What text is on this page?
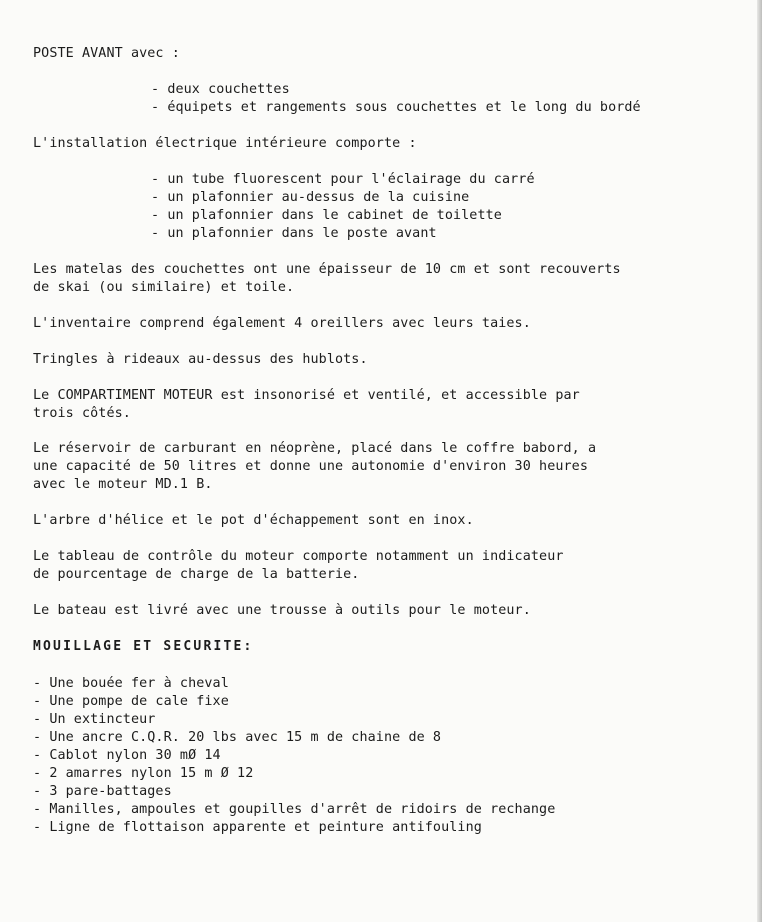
POSTE AVANT avec :
- deux couchettes
- équipets et rangements sous couchettes et le long du bordé
L'installation électrique intérieure comporte :
- un tube fluorescent pour l'éclairage du carré
- un plafonnier au-dessus de la cuisine
- un plafonnier dans le cabinet de toilette
- un plafonnier dans le poste avant
Les matelas des couchettes ont une épaisseur de 10 cm et sont recouverts
de skai (ou similaire) et toile.
L'inventaire comprend également 4 oreillers avec leurs taies.
Tringles à rideaux au-dessus des hublots.
Le COMPARTIMENT MOTEUR est insonorisé et ventilé, et accessible par
trois côtés.
Le réservoir de carburant en néoprène, placé dans le coffre babord, a
une capacité de 50 litres et donne une autonomie d'environ 30 heures
avec le moteur MD.1 B.
L'arbre d'hélice et le pot d'échappement sont en inox.
Le tableau de contrôle du moteur comporte notamment un indicateur
de pourcentage de charge de la batterie.
Le bateau est livré avec une trousse à outils pour le moteur.
MOUILLAGE ET SECURITE:
- Une bouée fer à cheval
- Une pompe de cale fixe
- Un extincteur
- Une ancre C.Q.R. 20 lbs avec 15 m de chaine de 8
- Cablot nylon 30 mØ 14
- 2 amarres nylon 15 m Ø 12
- 3 pare-battages
- Manilles, ampoules et goupilles d'arrêt de ridoirs de rechange
- Ligne de flottaison apparente et peinture antifouling
